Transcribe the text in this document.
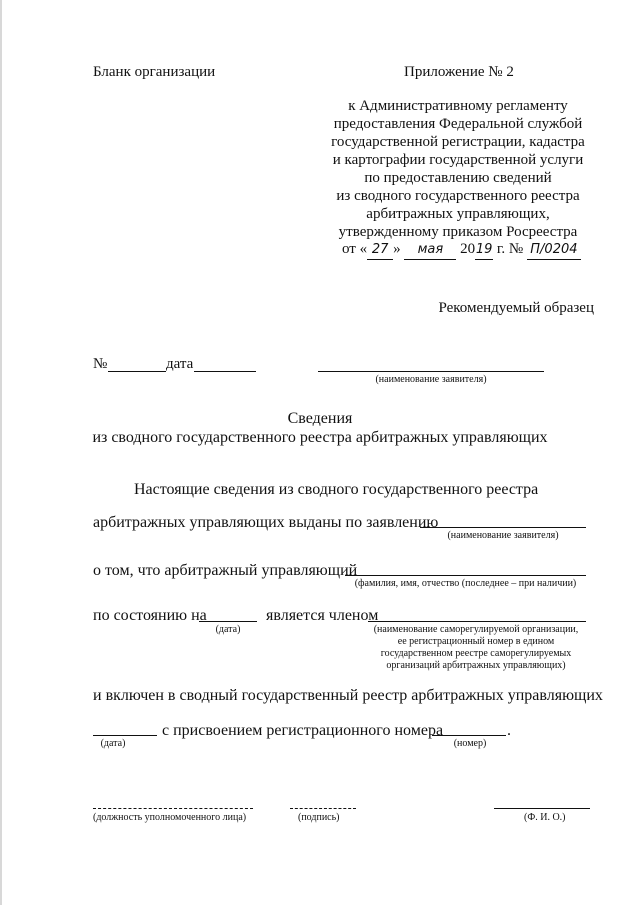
Бланк организации	Приложение № 2
к Административному регламенту
предоставления Федеральной службой
государственной регистрации, кадастра
и картографии государственной услуги
по предоставлению сведений
из сводного государственного реестра
арбитражных управляющих,
утвержденному приказом Росреестра
от « 27 » мая 2019 г. № П/0204
Рекомендуемый образец
№	дата
(наименование заявителя)
Сведения
из сводного государственного реестра арбитражных управляющих
Настоящие сведения из сводного государственного реестра
арбитражных управляющих выданы по заявлению
(наименование заявителя)
о том, что арбитражный управляющий
(фамилия, имя, отчество (последнее – при наличии)
по состоянию на
(дата)
является членом
(наименование саморегулируемой организации,
ее регистрационный номер в едином
государственном реестре саморегулируемых
организаций арбитражных управляющих)
и включен в сводный государственный реестр арбитражных управляющих
(дата)
с присвоением регистрационного номера	.
(номер)
(должность уполномоченного лица)	(подпись)	(Ф. И. О.)
